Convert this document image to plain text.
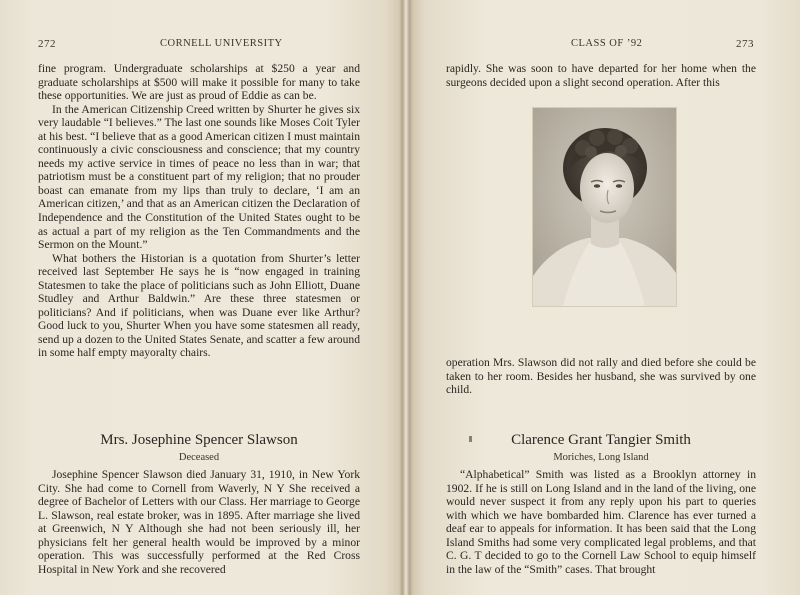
272	CORNELL UNIVERSITY

fine program. Undergraduate scholarships at $250 a year and graduate scholarships at $500 will make it possible for many to take these opportunities. We are just as proud of Eddie as can be.

In the American Citizenship Creed written by Shurter he gives six very laudable “I believes.” The last one sounds like Moses Coit Tyler at his best. “I believe that as a good American citizen I must maintain continuously a civic consciousness and conscience; that my country needs my active service in times of peace no less than in war; that patriotism must be a constituent part of my religion; that no prouder boast can emanate from my lips than truly to declare, ‘I am an American citizen,’ and that as an American citizen the Declaration of Independence and the Constitution of the United States ought to be as actual a part of my religion as the Ten Commandments and the Sermon on the Mount.”

What bothers the Historian is a quotation from Shurter’s letter received last September He says he is “now engaged in training Statesmen to take the place of politicians such as John Elliott, Duane Studley and Arthur Baldwin.” Are these three statesmen or politicians? And if politicians, when was Duane ever like Arthur? Good luck to you, Shurter When you have some statesmen all ready, send up a dozen to the United States Senate, and scatter a few around in some half empty mayoralty chairs.

Mrs. Josephine Spencer Slawson
Deceased

Josephine Spencer Slawson died January 31, 1910, in New York City. She had come to Cornell from Waverly, N Y She received a degree of Bachelor of Letters with our Class. Her marriage to George L. Slawson, real estate broker, was in 1895. After marriage she lived at Greenwich, N Y Although she had not been seriously ill, her physicians felt her general health would be improved by a minor operation. This was successfully performed at the Red Cross Hospital in New York and she recovered

CLASS OF ’92	273

rapidly. She was soon to have departed for her home when the surgeons decided upon a slight second operation. After this

operation Mrs. Slawson did not rally and died before she could be taken to her room. Besides her husband, she was survived by one child.

Clarence Grant Tangier Smith
Moriches, Long Island

“Alphabetical” Smith was listed as a Brooklyn attorney in 1902. If he is still on Long Island and in the land of the living, one would never suspect it from any reply upon his part to queries with which we have bombarded him. Clarence has ever turned a deaf ear to appeals for information. It has been said that the Long Island Smiths had some very complicated legal problems, and that C. G. T decided to go to the Cornell Law School to equip himself in the law of the “Smith” cases. That brought
